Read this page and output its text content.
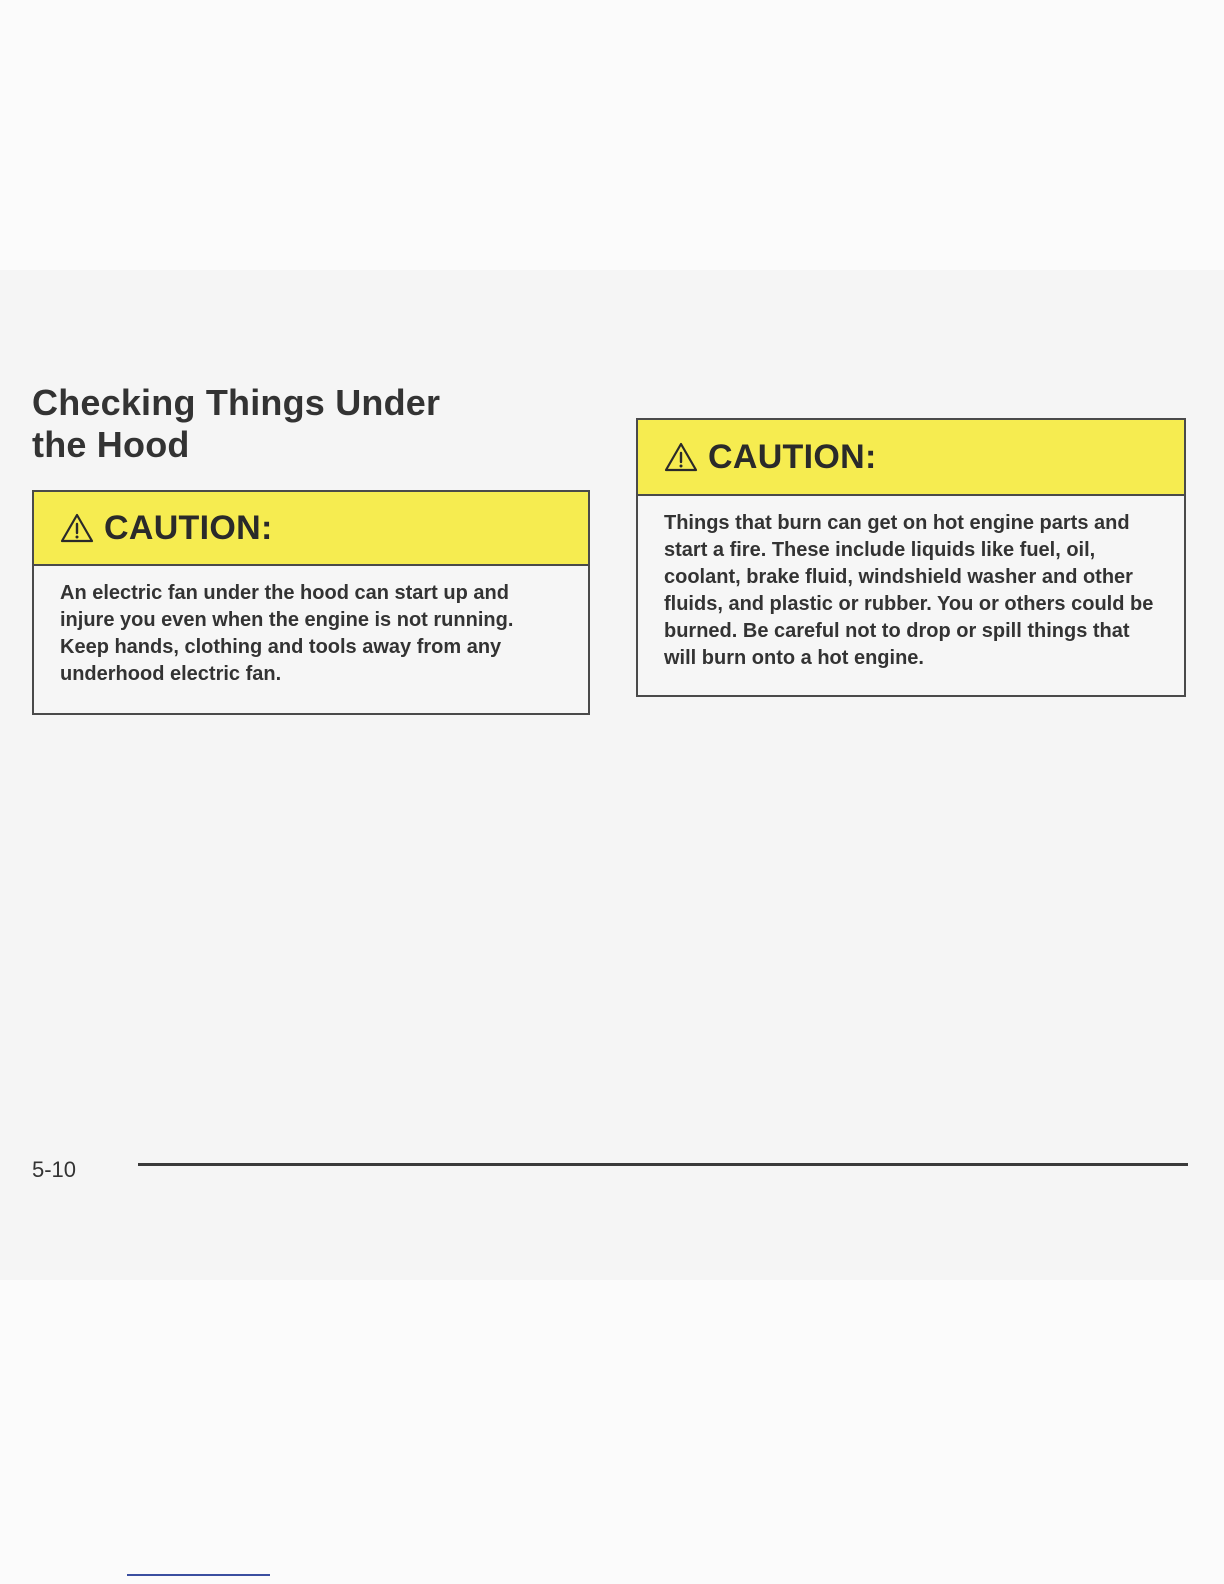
Checking Things Under
the Hood
CAUTION:

An electric fan under the hood can start up and injure you even when the engine is not running. Keep hands, clothing and tools away from any underhood electric fan.

CAUTION:

Things that burn can get on hot engine parts and start a fire. These include liquids like fuel, oil, coolant, brake fluid, windshield washer and other fluids, and plastic or rubber. You or others could be burned. Be careful not to drop or spill things that will burn onto a hot engine.

5-10
